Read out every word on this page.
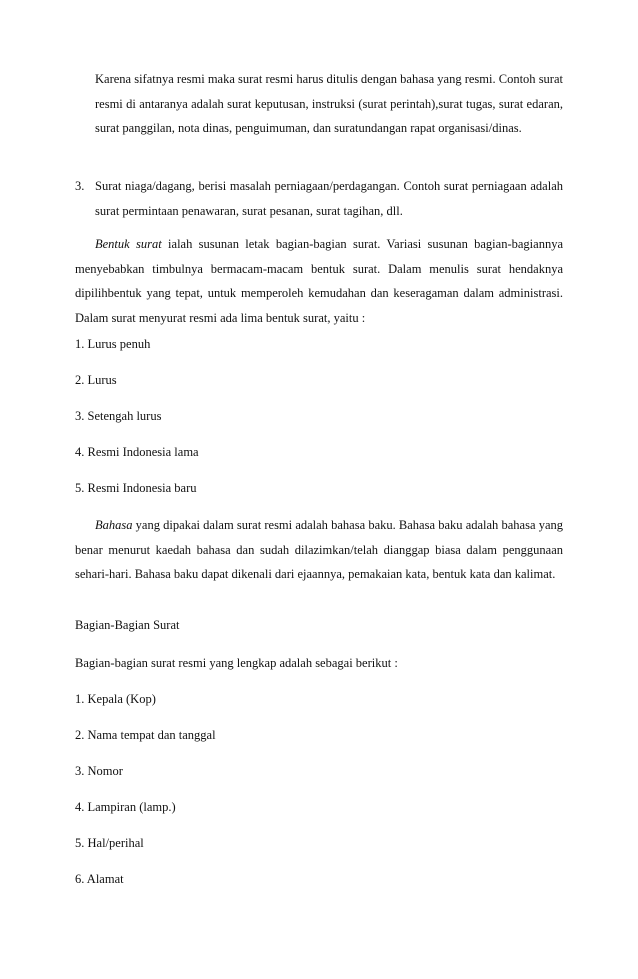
Karena sifatnya resmi maka surat resmi harus ditulis dengan bahasa yang resmi. Contoh surat resmi di antaranya adalah surat keputusan, instruksi (surat perintah),surat tugas, surat edaran, surat panggilan, nota dinas, penguimuman, dan suratundangan rapat organisasi/dinas.

3. Surat niaga/dagang, berisi masalah perniagaan/perdagangan. Contoh surat perniagaan adalah surat permintaan penawaran, surat pesanan, surat tagihan, dll.

Bentuk surat ialah susunan letak bagian-bagian surat. Variasi susunan bagian-bagiannya menyebabkan timbulnya bermacam-macam bentuk surat. Dalam menulis surat hendaknya dipilihbentuk yang tepat, untuk memperoleh kemudahan dan keseragaman dalam administrasi. Dalam surat menyurat resmi ada lima bentuk surat, yaitu :

1. Lurus penuh

2. Lurus

3. Setengah lurus

4. Resmi Indonesia lama

5. Resmi Indonesia baru

Bahasa yang dipakai dalam surat resmi adalah bahasa baku. Bahasa baku adalah bahasa yang benar menurut kaedah bahasa dan sudah dilazimkan/telah dianggap biasa dalam penggunaan sehari-hari. Bahasa baku dapat dikenali dari ejaannya, pemakaian kata, bentuk kata dan kalimat.

Bagian-Bagian Surat

Bagian-bagian surat resmi yang lengkap adalah sebagai berikut :

1. Kepala (Kop)

2. Nama tempat dan tanggal

3. Nomor

4. Lampiran (lamp.)

5. Hal/perihal

6. Alamat
